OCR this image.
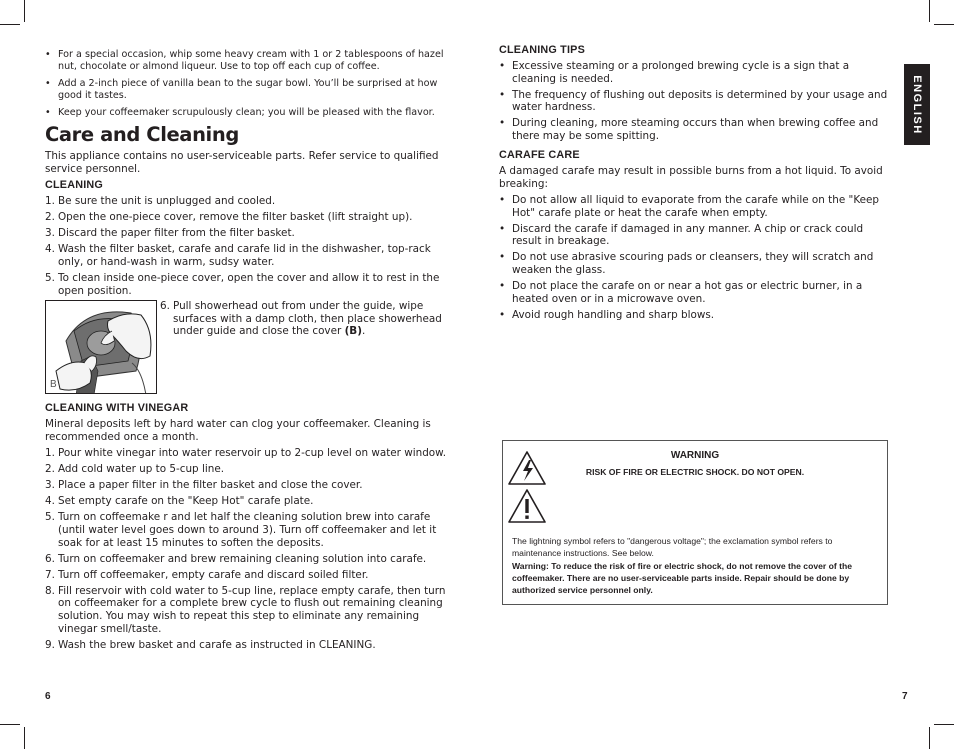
• For a special occasion, whip some heavy cream with 1 or 2 tablespoons of hazel nut, chocolate or almond liqueur. Use to top off each cup of coffee.
• Add a 2-inch piece of vanilla bean to the sugar bowl. You’ll be surprised at how good it tastes.
• Keep your coffeemaker scrupulously clean; you will be pleased with the flavor.
Care and Cleaning
This appliance contains no user-serviceable parts. Refer service to qualified service personnel.
CLEANING
1. Be sure the unit is unplugged and cooled.
2. Open the one-piece cover, remove the filter basket (lift straight up).
3. Discard the paper filter from the filter basket.
4. Wash the filter basket, carafe and carafe lid in the dishwasher, top-rack only, or hand-wash in warm, sudsy water.
5. To clean inside one-piece cover, open the cover and allow it to rest in the open position.
B
6. Pull showerhead out from under the guide, wipe surfaces with a damp cloth, then place showerhead under guide and close the cover (B).
CLEANING WITH VINEGAR
Mineral deposits left by hard water can clog your coffeemaker. Cleaning is recommended once a month.
1. Pour white vinegar into water reservoir up to 2-cup level on water window.
2. Add cold water up to 5-cup line.
3. Place a paper filter in the filter basket and close the cover.
4. Set empty carafe on the "Keep Hot" carafe plate.
5. Turn on coffeemake r and let half the cleaning solution brew into carafe (until water level goes down to around 3). Turn off coffeemaker and let it soak for at least 15 minutes to soften the deposits.
6. Turn on coffeemaker and brew remaining cleaning solution into carafe.
7. Turn off coffeemaker, empty carafe and discard soiled filter.
8. Fill reservoir with cold water to 5-cup line, replace empty carafe, then turn on coffeemaker for a complete brew cycle to flush out remaining cleaning solution. You may wish to repeat this step to eliminate any remaining vinegar smell/taste.
9. Wash the brew basket and carafe as instructed in CLEANING.
6
CLEANING TIPS
• Excessive steaming or a prolonged brewing cycle is a sign that a cleaning is needed.
• The frequency of flushing out deposits is determined by your usage and water hardness.
• During cleaning, more steaming occurs than when brewing coffee and there may be some spitting.
CARAFE CARE
A damaged carafe may result in possible burns from a hot liquid. To avoid breaking:
• Do not allow all liquid to evaporate from the carafe while on the "Keep Hot" carafe plate or heat the carafe when empty.
• Discard the carafe if damaged in any manner. A chip or crack could result in breakage.
• Do not use abrasive scouring pads or cleansers, they will scratch and weaken the glass.
• Do not place the carafe on or near a hot gas or electric burner, in a heated oven or in a microwave oven.
• Avoid rough handling and sharp blows.
WARNING
RISK OF FIRE OR ELECTRIC SHOCK. DO NOT OPEN.
The lightning symbol refers to "dangerous voltage"; the exclamation symbol refers to maintenance instructions. See below.
Warning: To reduce the risk of fire or electric shock, do not remove the cover of the coffeemaker. There are no user-serviceable parts inside. Repair should be done by authorized service personnel only.
ENGLISH
7
